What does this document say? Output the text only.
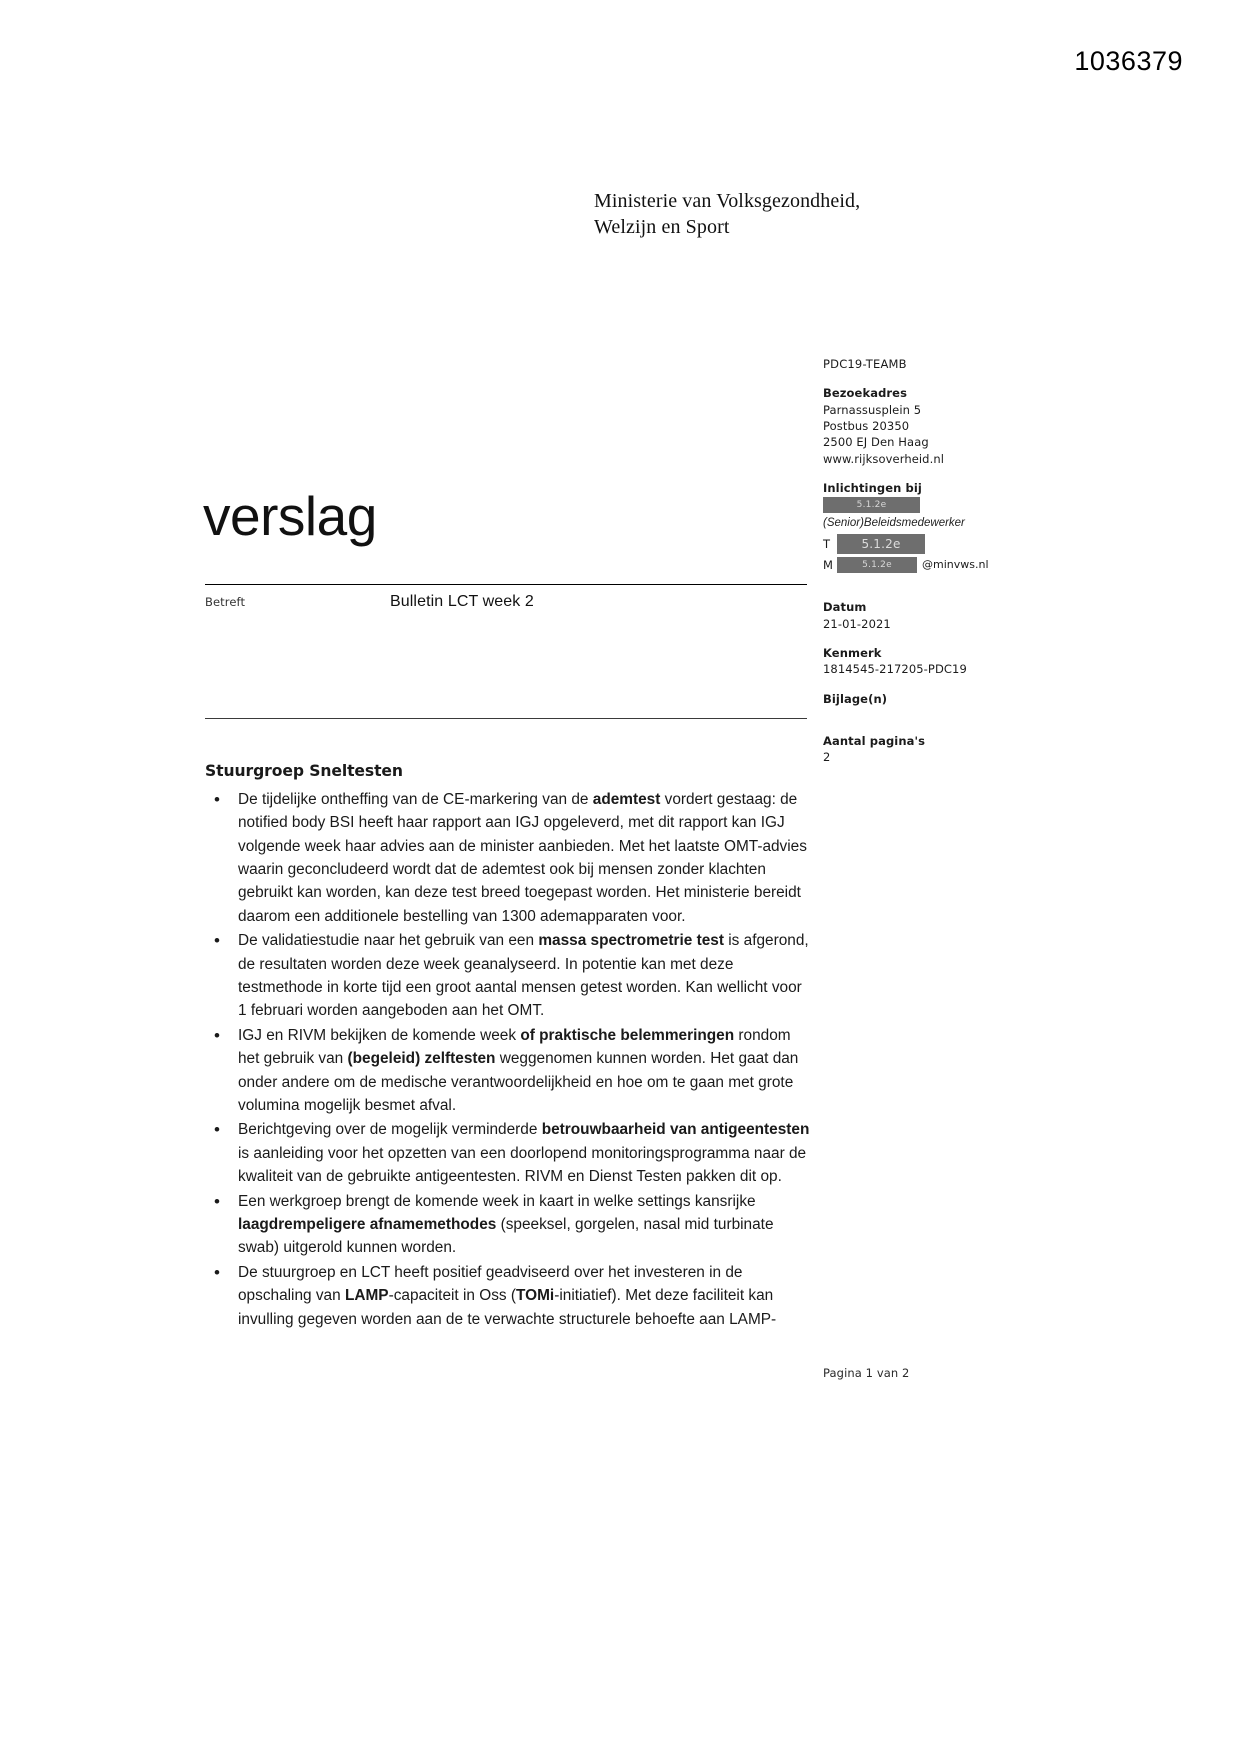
1036379
Ministerie van Volksgezondheid,
Welzijn en Sport
PDC19-TEAMB
Bezoekadres
Parnassusplein 5
Postbus 20350
2500 EJ Den Haag
www.rijksoverheid.nl
Inlichtingen bij
5.1.2e
(Senior)Beleidsmedewerker
T	5.1.2e
M	5.1.2e	@minvws.nl
Datum
21-01-2021
Kenmerk
1814545-217205-PDC19
Bijlage(n)
Aantal pagina's
2
verslag
Betreft	Bulletin LCT week 2
Stuurgroep Sneltesten
• De tijdelijke ontheffing van de CE-markering van de ademtest vordert gestaag: de notified body BSI heeft haar rapport aan IGJ opgeleverd, met dit rapport kan IGJ volgende week haar advies aan de minister aanbieden. Met het laatste OMT-advies waarin geconcludeerd wordt dat de ademtest ook bij mensen zonder klachten gebruikt kan worden, kan deze test breed toegepast worden. Het ministerie bereidt daarom een additionele bestelling van 1300 ademapparaten voor.
• De validatiestudie naar het gebruik van een massa spectrometrie test is afgerond, de resultaten worden deze week geanalyseerd. In potentie kan met deze testmethode in korte tijd een groot aantal mensen getest worden. Kan wellicht voor 1 februari worden aangeboden aan het OMT.
• IGJ en RIVM bekijken de komende week of praktische belemmeringen rondom het gebruik van (begeleid) zelftesten weggenomen kunnen worden. Het gaat dan onder andere om de medische verantwoordelijkheid en hoe om te gaan met grote volumina mogelijk besmet afval.
• Berichtgeving over de mogelijk verminderde betrouwbaarheid van antigeentesten is aanleiding voor het opzetten van een doorlopend monitoringsprogramma naar de kwaliteit van de gebruikte antigeentesten. RIVM en Dienst Testen pakken dit op.
• Een werkgroep brengt de komende week in kaart in welke settings kansrijke laagdrempeligere afnamemethodes (speeksel, gorgelen, nasal mid turbinate swab) uitgerold kunnen worden.
• De stuurgroep en LCT heeft positief geadviseerd over het investeren in de opschaling van LAMP-capaciteit in Oss (TOMi-initiatief). Met deze faciliteit kan invulling gegeven worden aan de te verwachte structurele behoefte aan LAMP-
Pagina 1 van 2
